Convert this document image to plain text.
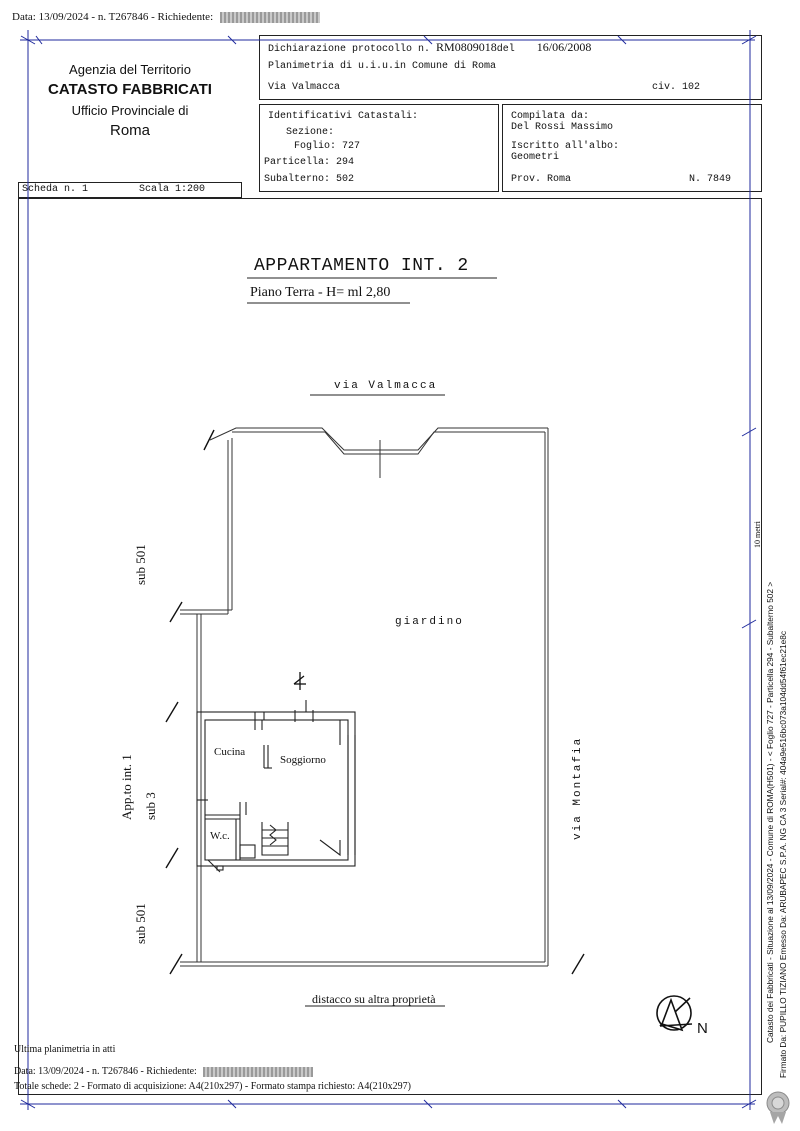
Data: 13/09/2024 - n. T267846 - Richiedente:
Agenzia del Territorio
CATASTO FABBRICATI
Ufficio Provinciale di
Roma
Scheda n. 1	Scala 1:200
Dichiarazione protocollo n. RM0809018del 16/06/2008
Planimetria di u.i.u.in Comune di Roma
Via Valmacca	civ. 102
Identificativi Catastali:
Sezione:
Foglio: 727
Particella: 294
Subalterno: 502
Compilata da:
Del Rossi Massimo
Iscritto all'albo:
Geometri
Prov. Roma	N. 7849
APPARTAMENTO INT. 2
Piano Terra - H= ml 2,80
via Valmacca
giardino
Cucina
Soggiorno
W.c.
distacco su altra proprietà
N
sub 501
sub 501
App.to int. 1 sub 3	via Montafia
10 metri
Ultima planimetria in atti
Data: 13/09/2024 - n. T267846 - Richiedente:
Totale schede: 2 - Formato di acquisizione: A4(210x297) - Formato stampa richiesto: A4(210x297)
Catasto dei Fabbricati - Situazione al 13/09/2024 - Comune di ROMA(H501) - < Foglio 727 - Particella 294 - Subalterno 502 > Firmato Da: PUPILLO TIZIANO Emesso Da: ARUBAPEC S.P.A. NG CA 3 Serial#: 404a9e516bc073a104dd54f61ec21e8c
